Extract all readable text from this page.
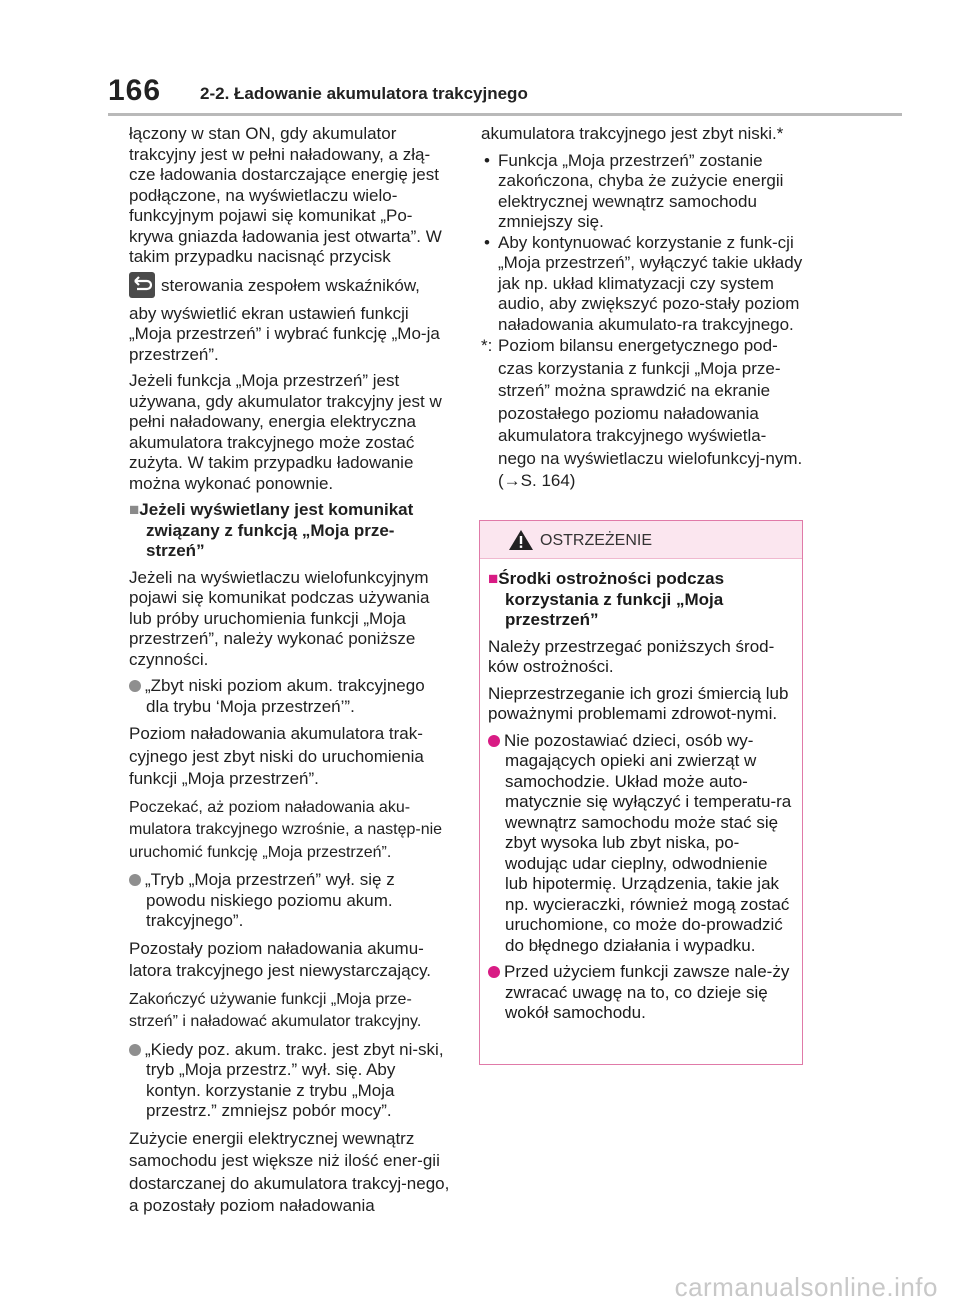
166 2-2. Ładowanie akumulatora trakcyjnego
łączony w stan ON, gdy akumulator trakcyjny jest w pełni naładowany, a złą-cze ładowania dostarczające energię jest podłączone, na wyświetlaczu wielo-funkcyjnym pojawi się komunikat „Po-krywa gniazda ładowania jest otwarta”. W takim przypadku nacisnąć przycisk
sterowania zespołem wskaźników,
aby wyświetlić ekran ustawień funkcji „Moja przestrzeń” i wybrać funkcję „Mo-ja przestrzeń”.
Jeżeli funkcja „Moja przestrzeń” jest używana, gdy akumulator trakcyjny jest w pełni naładowany, energia elektryczna akumulatora trakcyjnego może zostać zużyta. W takim przypadku ładowanie można wykonać ponownie.
■Jeżeli wyświetlany jest komunikat związany z funkcją „Moja prze-strzeń”
Jeżeli na wyświetlaczu wielofunkcyjnym pojawi się komunikat podczas używania lub próby uruchomienia funkcji „Moja przestrzeń”, należy wykonać poniższe czynności.
„Zbyt niski poziom akum. trakcyjnego dla trybu ‘Moja przestrzeń’”.
Poziom naładowania akumulatora trak-cyjnego jest zbyt niski do uruchomienia funkcji „Moja przestrzeń”.
Poczekać, aż poziom naładowania aku-mulatora trakcyjnego wzrośnie, a następ-nie uruchomić funkcję „Moja przestrzeń”.
„Tryb „Moja przestrzeń” wył. się z powodu niskiego poziomu akum. trakcyjnego”.
Pozostały poziom naładowania akumu-latora trakcyjnego jest niewystarczający.
Zakończyć używanie funkcji „Moja prze-strzeń” i naładować akumulator trakcyjny.
„Kiedy poz. akum. trakc. jest zbyt ni-ski, tryb „Moja przestrz.” wył. się. Aby kontyn. korzystanie z trybu „Moja przestrz.” zmniejsz pobór mocy”.
Zużycie energii elektrycznej wewnątrz samochodu jest większe niż ilość ener-gii dostarczanej do akumulatora trakcyj-nego, a pozostały poziom naładowania
akumulatora trakcyjnego jest zbyt niski.*
• Funkcja „Moja przestrzeń” zostanie zakończona, chyba że zużycie energii elektrycznej wewnątrz samochodu zmniejszy się.
• Aby kontynuować korzystanie z funk-cji „Moja przestrzeń”, wyłączyć takie układy jak np. układ klimatyzacji czy system audio, aby zwiększyć pozo-stały poziom naładowania akumulato-ra trakcyjnego.
*: Poziom bilansu energetycznego pod-czas korzystania z funkcji „Moja prze-strzeń” można sprawdzić na ekranie pozostałego poziomu naładowania akumulatora trakcyjnego wyświetla-nego na wyświetlaczu wielofunkcyj-nym. (→S. 164)
OSTRZEŻENIE
■Środki ostrożności podczas korzystania z funkcji „Moja przestrzeń”
Należy przestrzegać poniższych środ-ków ostrożności.
Nieprzestrzeganie ich grozi śmiercią lub poważnymi problemami zdrowot-nymi.
Nie pozostawiać dzieci, osób wy-magających opieki ani zwierząt w samochodzie. Układ może auto-matycznie się wyłączyć i temperatu-ra wewnątrz samochodu może stać się zbyt wysoka lub zbyt niska, po-wodując udar cieplny, odwodnienie lub hipotermię. Urządzenia, takie jak np. wycieraczki, również mogą zostać uruchomione, co może do-prowadzić do błędnego działania i wypadku.
Przed użyciem funkcji zawsze nale-ży zwracać uwagę na to, co dzieje się wokół samochodu.
carmanualsonline.info
